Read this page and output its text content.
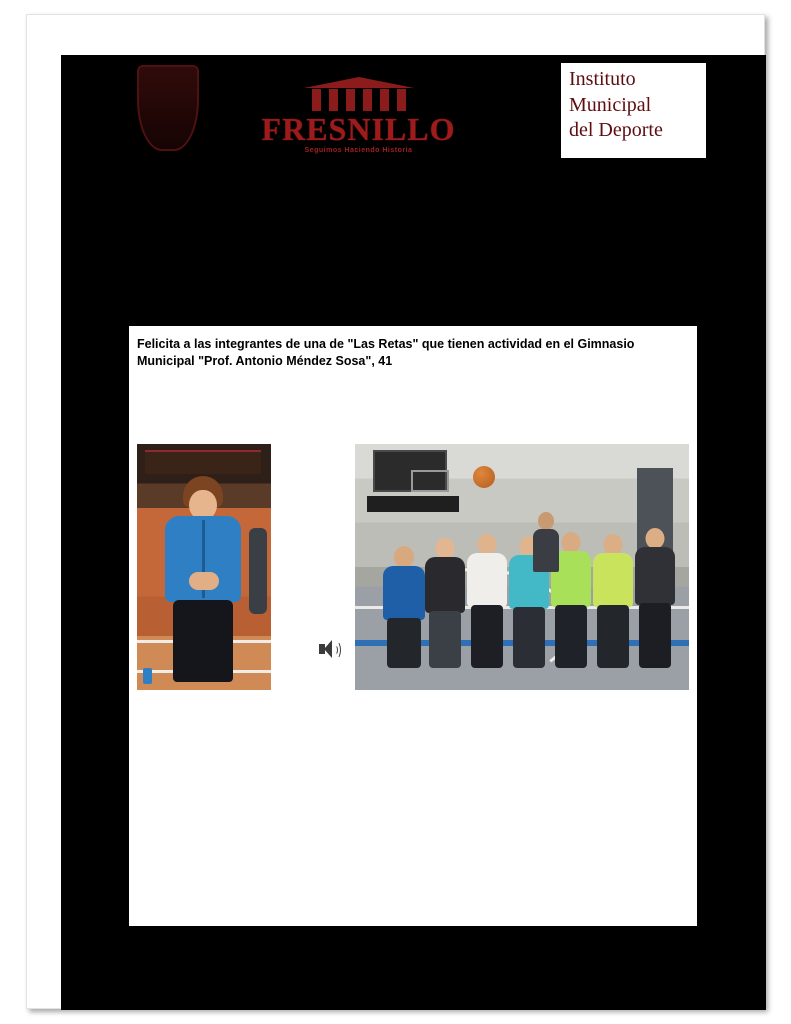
FRESNILLO
Seguimos Haciendo Historia
Instituto
Municipal
del Deporte
Felicita a las integrantes de una de "Las Retas" que tienen actividad en el Gimnasio Municipal "Prof. Antonio Méndez Sosa", 41
